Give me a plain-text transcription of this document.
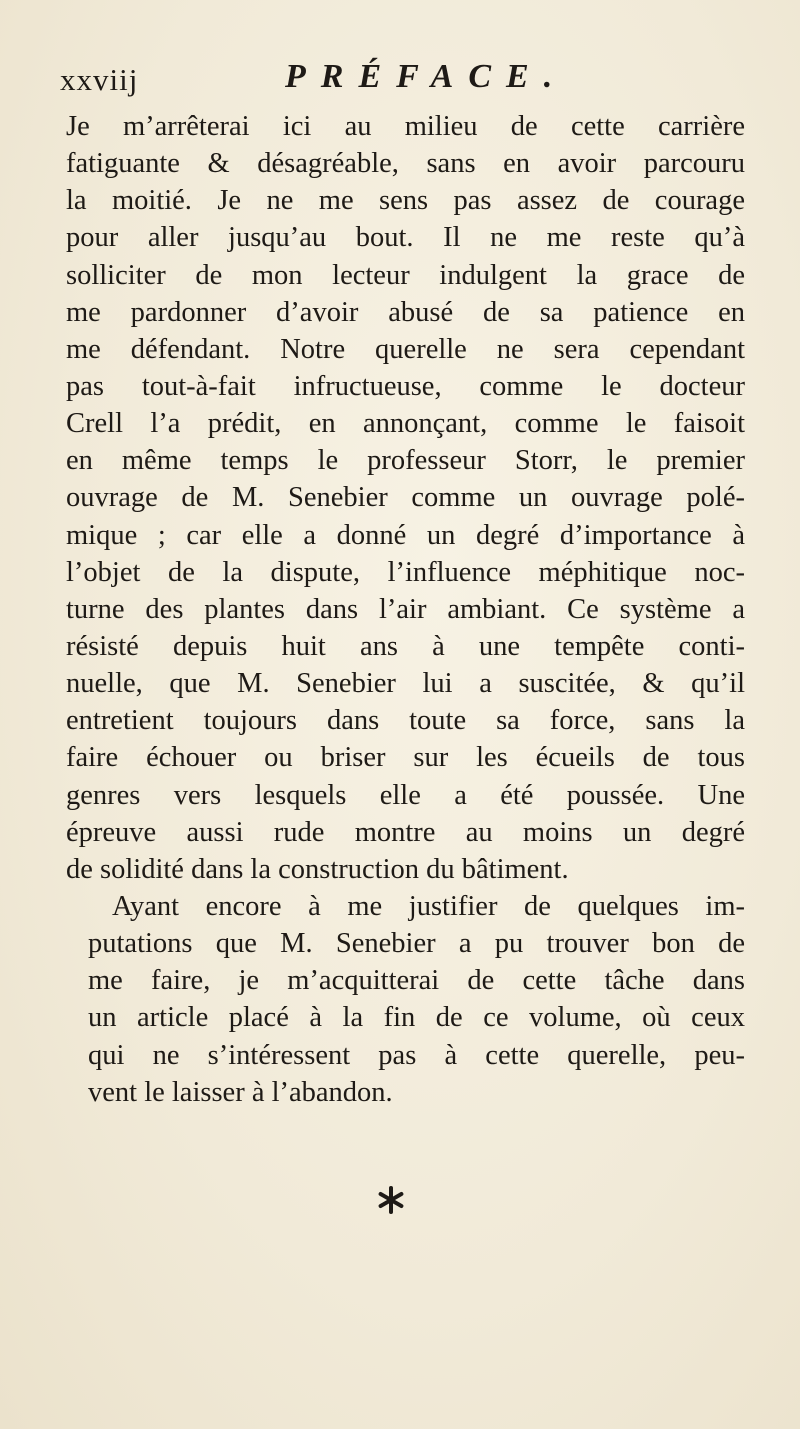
xxviij	PRÉFACE.

Je m’arrêterai ici au milieu de cette carrière
fatiguante & désagréable, sans en avoir parcouru
la moitié. Je ne me sens pas assez de courage
pour aller jusqu’au bout. Il ne me reste qu’à
solliciter de mon lecteur indulgent la grace de
me pardonner d’avoir abusé de sa patience en
me défendant. Notre querelle ne sera cependant
pas tout-à-fait infructueuse, comme le docteur
Crell l’a prédit, en annonçant, comme le faisoit
en même temps le professeur Storr, le premier
ouvrage de M. Senebier comme un ouvrage polé-
mique ; car elle a donné un degré d’importance à
l’objet de la dispute, l’influence méphitique noc-
turne des plantes dans l’air ambiant. Ce système a
résisté depuis huit ans à une tempête conti-
nuelle, que M. Senebier lui a suscitée, & qu’il
entretient toujours dans toute sa force, sans la
faire échouer ou briser sur les écueils de tous
genres vers lesquels elle a été poussée. Une
épreuve aussi rude montre au moins un degré
de solidité dans la construction du bâtiment.

Ayant encore à me justifier de quelques im-
putations que M. Senebier a pu trouver bon de
me faire, je m’acquitterai de cette tâche dans
un article placé à la fin de ce volume, où ceux
qui ne s’intéressent pas à cette querelle, peu-
vent le laisser à l’abandon.
